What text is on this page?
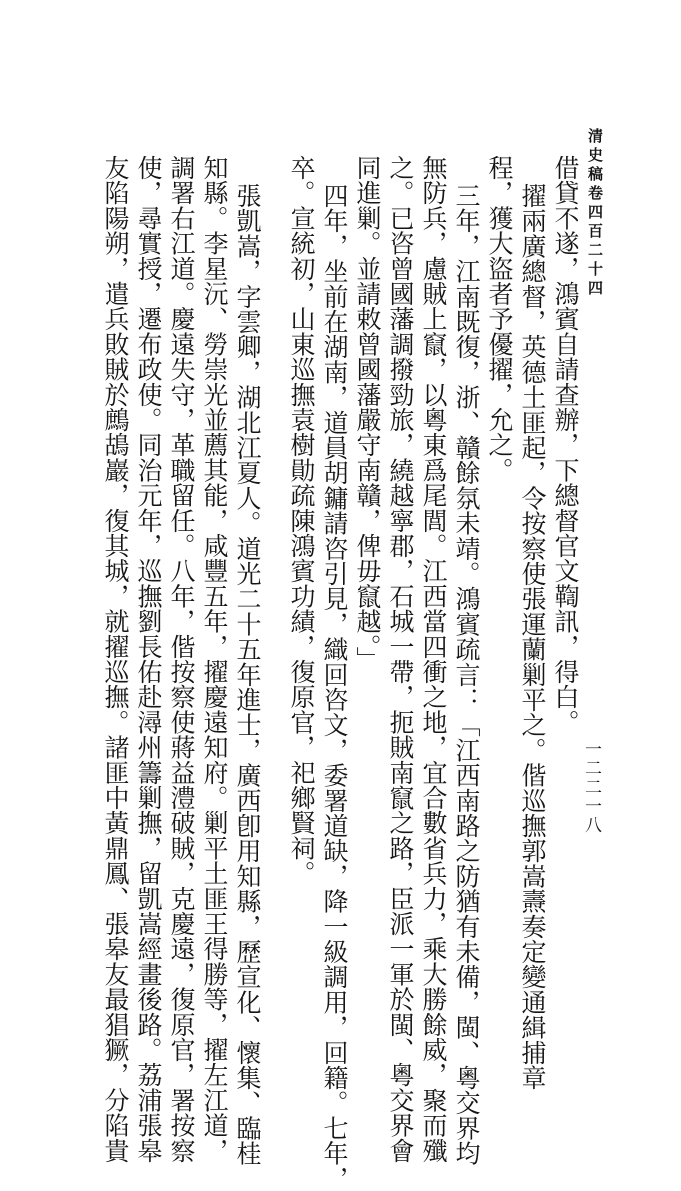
清史稿卷四百二十四
一二二一八
借貸不遂，鴻賓自請查辦，下總督官文鞫訊，得白。
擢兩廣總督，英德土匪起，令按察使張運蘭剿平之。偕巡撫郭嵩燾奏定變通緝捕章
程，獲大盜者予優擢，允之。
三年，江南既復，浙、贛餘氛未靖。鴻賓疏言：「江西南路之防猶有未備，閩、粵交界均
無防兵，慮賊上竄，以粵東爲尾閭。江西當四衝之地，宜合數省兵力，乘大勝餘威，聚而殲
之。已咨曾國藩調撥勁旅，繞越寧郡，石城一帶，扼賊南竄之路，臣派一軍於閩、粵交界會
同進剿。並請敕曾國藩嚴守南贛，俾毋竄越。」
四年，坐前在湖南，道員胡鏞請咨引見，織回咨文，委署道缺，降一級調用，回籍。七年，
卒。宣統初，山東巡撫袁樹勛疏陳鴻賓功績，復原官，祀鄉賢祠。
張凱嵩，字雲卿，湖北江夏人。道光二十五年進士，廣西卽用知縣，歷宣化、懷集、臨桂
知縣。李星沅、勞崇光並薦其能，咸豐五年，擢慶遠知府。剿平土匪王得勝等，擢左江道，
調署右江道。慶遠失守，革職留任。八年，偕按察使蔣益澧破賊，克慶遠，復原官，署按察
使，尋實授，遷布政使。同治元年，巡撫劉長佑赴潯州籌剿撫，留凱嵩經畫後路。荔浦張皋
友陷陽朔，遣兵敗賊於鷓鴣巖，復其城，就擢巡撫。諸匪中黃鼎鳳、張皋友最猖獗，分陷貴
